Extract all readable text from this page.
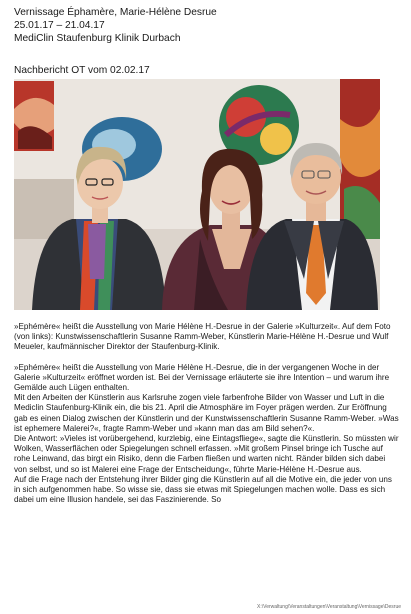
Vernissage Éphamère, Marie-Hélène Desrue
25.01.17 – 21.04.17
MediClin Staufenburg Klinik Durbach
Nachbericht OT vom 02.02.17

»Ephémère« heißt die Ausstellung von Marie Hélène H.-Desrue in der Galerie »Kulturzeit«. Auf dem Foto (von links): Kunstwissenschaftlerin Susanne Ramm-Weber, Künstlerin Marie-Hélène H.-Desrue und Wulf Meueler, kaufmännischer Direktor der Staufenburg-Klinik.

»Ephémère« heißt die Ausstellung von Marie Hélène H.-Desrue, die in der vergangenen Woche in der Galerie »Kulturzeit« eröffnet worden ist. Bei der Vernissage erläuterte sie ihre Intention – und warum ihre Gemälde auch Lügen enthalten.

Mit den Arbeiten der Künstlerin aus Karlsruhe zogen viele farbenfrohe Bilder von Wasser und Luft in die Mediclin Staufenburg-Klinik ein, die bis 21. April die Atmosphäre im Foyer prägen werden. Zur Eröffnung gab es einen Dialog zwischen der Künstlerin und der Kunstwissenschaftlerin Susanne Ramm-Weber. »Was ist ephemere Malerei?«, fragte Ramm-Weber und »kann man das am Bild sehen?«.

Die Antwort: »Vieles ist vorübergehend, kurzlebig, eine Eintagsfliege«, sagte die Künstlerin. So müssten wir Wolken, Wasserflächen oder Spiegelungen schnell erfassen. »Mit großem Pinsel bringe ich Tusche auf rohe Leinwand, das birgt ein Risiko, denn die Farben fließen und warten nicht. Ränder bilden sich dabei von selbst, und so ist Malerei eine Frage der Entscheidung«, führte Marie-Hélène H.-Desrue aus.

Auf die Frage nach der Entstehung ihrer Bilder ging die Künstlerin auf all die Motive ein, die jeder von uns in sich aufgenommen habe. So wisse sie, dass sie etwas mit Spiegelungen machen wolle. Dass es sich dabei um eine Illusion handele, sei das Faszinierende. So

X:\Verwaltung\Veranstaltungen\Veranstaltung\Vernissage\Desrue
